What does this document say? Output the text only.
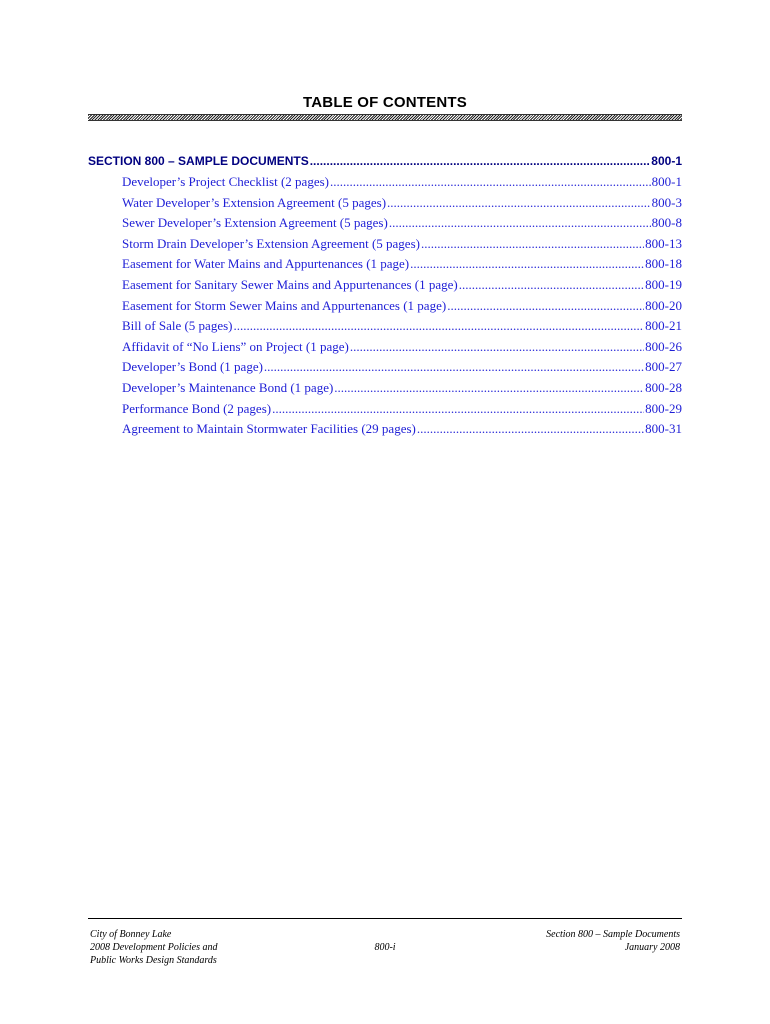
TABLE OF CONTENTS
SECTION 800 – SAMPLE DOCUMENTS .....	800-1
Developer’s Project Checklist (2 pages) .....	800-1
Water Developer’s Extension Agreement (5 pages) .....	800-3
Sewer Developer’s Extension Agreement (5 pages) .....	800-8
Storm Drain Developer’s Extension Agreement (5 pages) .....	800-13
Easement for Water Mains and Appurtenances (1 page) .....	800-18
Easement for Sanitary Sewer Mains and Appurtenances (1 page) .....	800-19
Easement for Storm Sewer Mains and Appurtenances (1 page) .....	800-20
Bill of Sale (5 pages) .....	800-21
Affidavit of “No Liens” on Project (1 page) .....	800-26
Developer’s Bond (1 page) .....	800-27
Developer’s Maintenance Bond (1 page) .....	800-28
Performance Bond (2 pages) .....	800-29
Agreement to Maintain Stormwater Facilities (29 pages) .....	800-31
City of Bonney Lake
2008 Development Policies and
Public Works Design Standards
800-i
Section 800 – Sample Documents
January 2008
